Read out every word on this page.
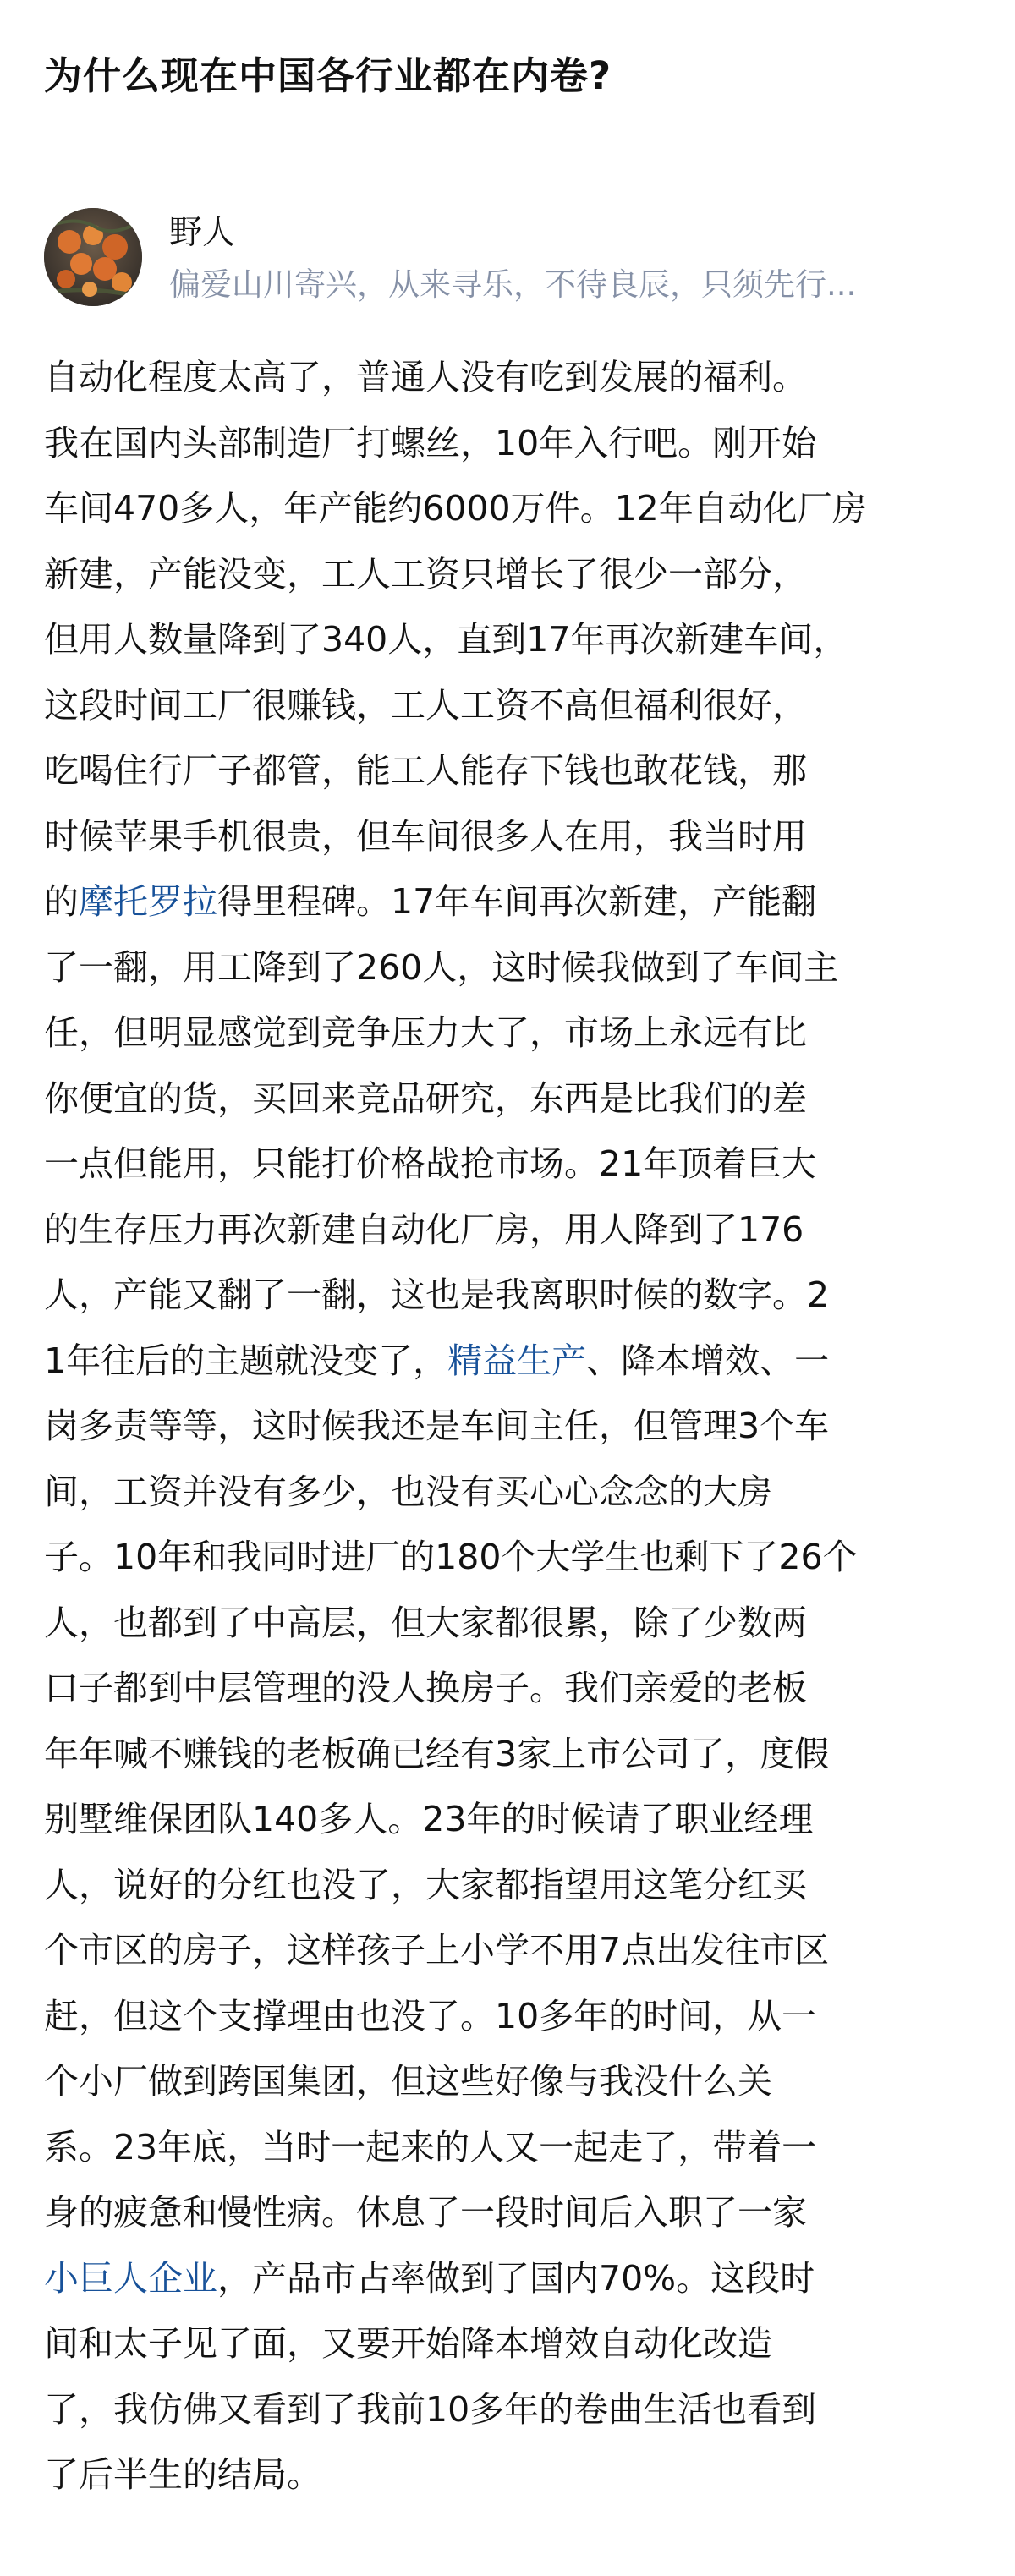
为什么现在中国各行业都在内卷?
野人
偏爱山川寄兴，从来寻乐，不待良辰，只须先行...
自动化程度太高了，普通人没有吃到发展的福利。
我在国内头部制造厂打螺丝，10年入行吧。刚开始
车间470多人，年产能约6000万件。12年自动化厂房
新建，产能没变，工人工资只增长了很少一部分，
但用人数量降到了340人，直到17年再次新建车间，
这段时间工厂很赚钱，工人工资不高但福利很好，
吃喝住行厂子都管，能工人能存下钱也敢花钱，那
时候苹果手机很贵，但车间很多人在用，我当时用
的摩托罗拉得里程碑。17年车间再次新建，产能翻
了一翻，用工降到了260人，这时候我做到了车间主
任，但明显感觉到竞争压力大了，市场上永远有比
你便宜的货，买回来竞品研究，东西是比我们的差
一点但能用，只能打价格战抢市场。21年顶着巨大
的生存压力再次新建自动化厂房，用人降到了176
人，产能又翻了一翻，这也是我离职时候的数字。2
1年往后的主题就没变了，精益生产、降本增效、一
岗多责等等，这时候我还是车间主任，但管理3个车
间，工资并没有多少，也没有买心心念念的大房
子。10年和我同时进厂的180个大学生也剩下了26个
人，也都到了中高层，但大家都很累，除了少数两
口子都到中层管理的没人换房子。我们亲爱的老板
年年喊不赚钱的老板确已经有3家上市公司了，度假
别墅维保团队140多人。23年的时候请了职业经理
人，说好的分红也没了，大家都指望用这笔分红买
个市区的房子，这样孩子上小学不用7点出发往市区
赶，但这个支撑理由也没了。10多年的时间，从一
个小厂做到跨国集团，但这些好像与我没什么关
系。23年底，当时一起来的人又一起走了，带着一
身的疲惫和慢性病。休息了一段时间后入职了一家
小巨人企业，产品市占率做到了国内70%。这段时
间和太子见了面，又要开始降本增效自动化改造
了，我仿佛又看到了我前10多年的卷曲生活也看到
了后半生的结局。
